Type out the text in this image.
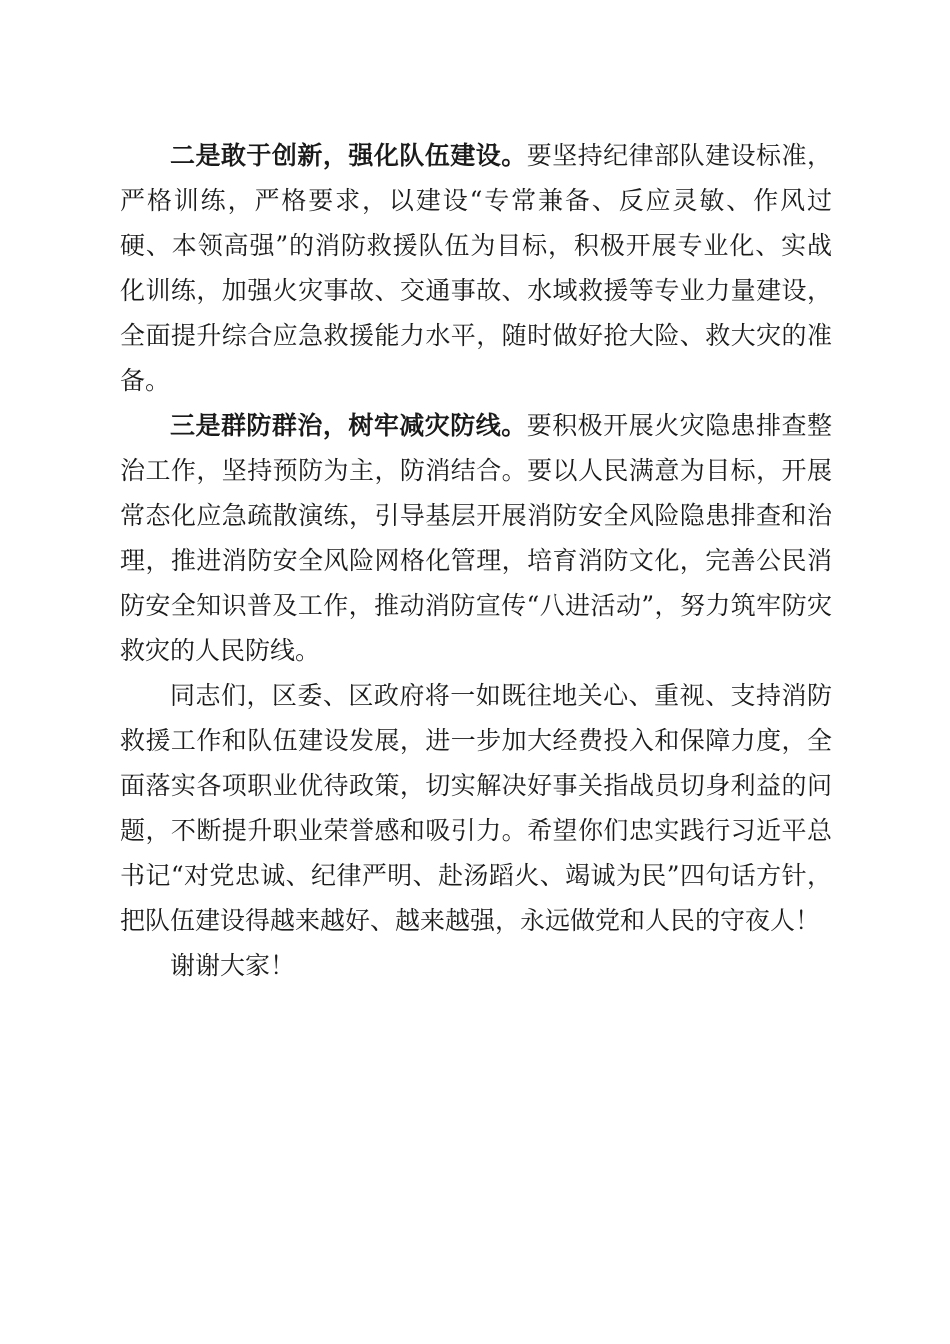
二是敢于创新，强化队伍建设。要坚持纪律部队建设标准，严格训练，严格要求，以建设“专常兼备、反应灵敏、作风过硬、本领高强”的消防救援队伍为目标，积极开展专业化、实战化训练，加强火灾事故、交通事故、水域救援等专业力量建设，全面提升综合应急救援能力水平，随时做好抢大险、救大灾的准备。

三是群防群治，树牢减灾防线。要积极开展火灾隐患排查整治工作，坚持预防为主，防消结合。要以人民满意为目标，开展常态化应急疏散演练，引导基层开展消防安全风险隐患排查和治理，推进消防安全风险网格化管理，培育消防文化，完善公民消防安全知识普及工作，推动消防宣传“八进活动”，努力筑牢防灾救灾的人民防线。

同志们，区委、区政府将一如既往地关心、重视、支持消防救援工作和队伍建设发展，进一步加大经费投入和保障力度，全面落实各项职业优待政策，切实解决好事关指战员切身利益的问题，不断提升职业荣誉感和吸引力。希望你们忠实践行习近平总书记“对党忠诚、纪律严明、赴汤蹈火、竭诚为民”四句话方针，把队伍建设得越来越好、越来越强，永远做党和人民的守夜人！

谢谢大家！
